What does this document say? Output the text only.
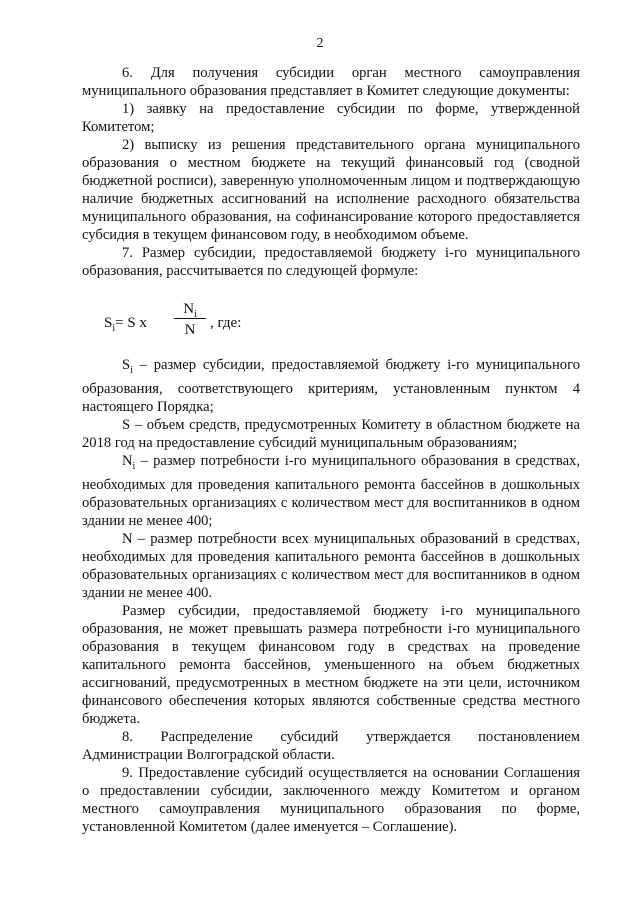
2

6. Для получения субсидии орган местного самоуправления муниципального образования представляет в Комитет следующие документы:

1) заявку на предоставление субсидии по форме, утвержденной Комитетом;

2) выписку из решения представительного органа муниципального образования о местном бюджете на текущий финансовый год (сводной бюджетной росписи), заверенную уполномоченным лицом и подтверждающую наличие бюджетных ассигнований на исполнение расходного обязательства муниципального образования, на софинансирование которого предоставляется субсидия в текущем финансовом году, в необходимом объеме.

7. Размер субсидии, предоставляемой бюджету i-го муниципального образования, рассчитывается по следующей формуле:

$S_i= S$ x
$N_i$
N , где:

$S_i$ – размер субсидии, предоставляемой бюджету i-го муниципального образования, соответствующего критериям, установленным пунктом 4 настоящего Порядка;

S – объем средств, предусмотренных Комитету в областном бюджете на 2018 год на предоставление субсидий муниципальным образованиям;

$N_i$ – размер потребности i-го муниципального образования в средствах, необходимых для проведения капитального ремонта бассейнов в дошкольных образовательных организациях с количеством мест для воспитанников в одном здании не менее 400;

N – размер потребности всех муниципальных образований в средствах, необходимых для проведения капитального ремонта бассейнов в дошкольных образовательных организациях с количеством мест для воспитанников в одном здании не менее 400.

Размер субсидии, предоставляемой бюджету i-го муниципального образования, не может превышать размера потребности i-го муниципального образования в текущем финансовом году в средствах на проведение капитального ремонта бассейнов, уменьшенного на объем бюджетных ассигнований, предусмотренных в местном бюджете на эти цели, источником финансового обеспечения которых являются собственные средства местного бюджета.

8. Распределение субсидий утверждается постановлением Администрации Волгоградской области.

9. Предоставление субсидий осуществляется на основании Соглашения о предоставлении субсидии, заключенного между Комитетом и органом местного самоуправления муниципального образования по форме, установленной Комитетом (далее именуется – Соглашение).
